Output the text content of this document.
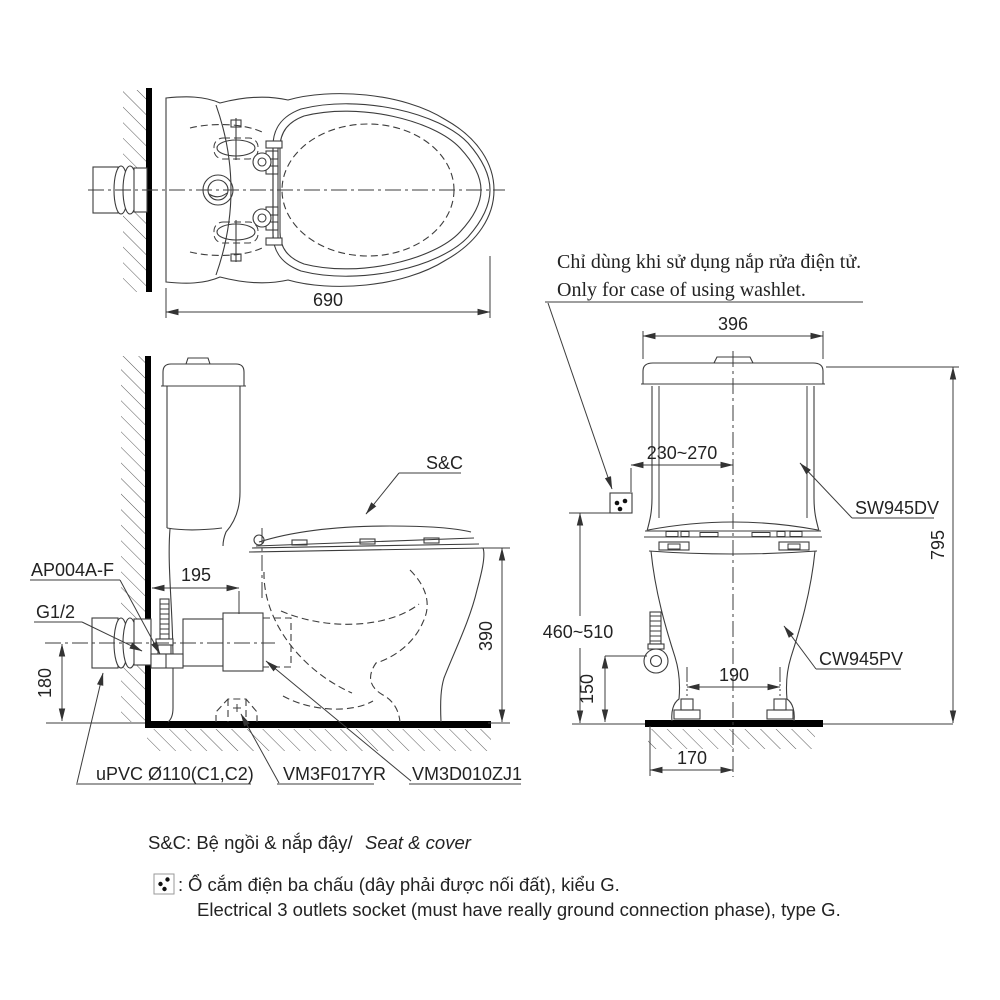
690
Chỉ dùng khi sử dụng nắp rửa điện tử.
Only for case of using washlet.
195
390
180
S&C
AP004A-F
G1/2
uPVC Ø110(C1,C2) VM3F017YR VM3D010ZJ1
396
230~270
795
460~510
150	190
170
SW945DV
CW945PV
S&C: Bệ ngồi & nắp đậy/ Seat & cover
: Ổ cắm điện ba chấu (dây phải được nối đất), kiểu G.
Electrical 3 outlets socket (must have really ground connection phase), type G.
